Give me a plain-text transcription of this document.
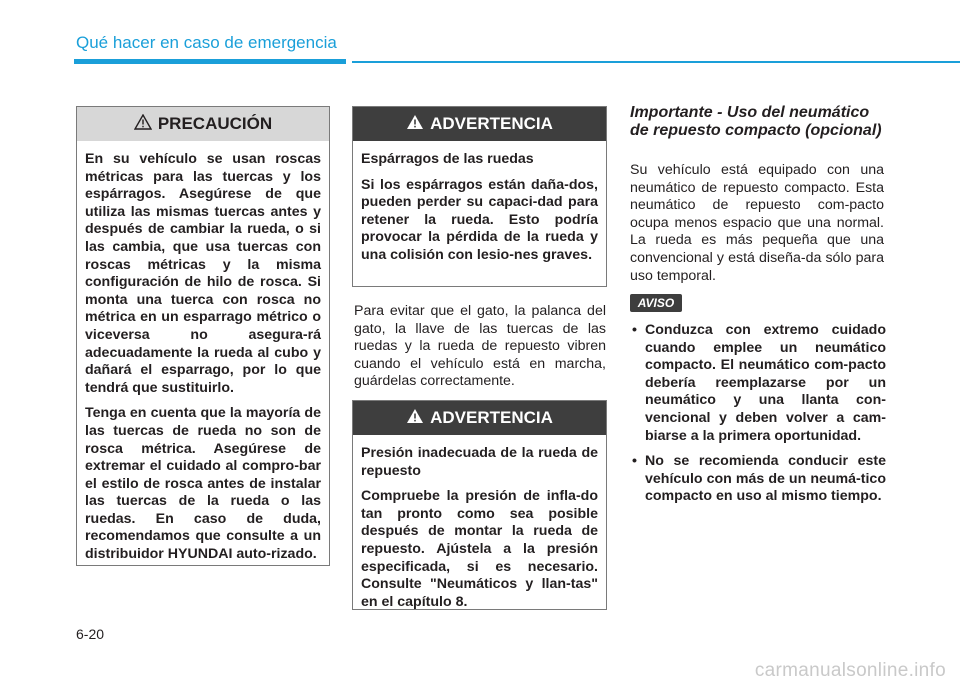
Qué hacer en caso de emergencia
PRECAUCIÓN

En su vehículo se usan roscas métricas para las tuercas y los espárragos. Asegúrese de que utiliza las mismas tuercas antes y después de cambiar la rueda, o si las cambia, que usa tuercas con roscas métricas y la misma configuración de hilo de rosca. Si monta una tuerca con rosca no métrica en un esparrago métrico o viceversa no asegura-rá adecuadamente la rueda al cubo y dañará el esparrago, por lo que tendrá que sustituirlo.

Tenga en cuenta que la mayoría de las tuercas de rueda no son de rosca métrica. Asegúrese de extremar el cuidado al compro-bar el estilo de rosca antes de instalar las tuercas de la rueda o las ruedas. En caso de duda, recomendamos que consulte a un distribuidor HYUNDAI auto-rizado.

ADVERTENCIA

Espárragos de las ruedas

Si los espárragos están daña-dos, pueden perder su capaci-dad para retener la rueda. Esto podría provocar la pérdida de la rueda y una colisión con lesio-nes graves.

Para evitar que el gato, la palanca del gato, la llave de las tuercas de las ruedas y la rueda de repuesto vibren cuando el vehículo está en marcha, guárdelas correctamente.
ADVERTENCIA

Presión inadecuada de la rueda de repuesto

Compruebe la presión de infla-do tan pronto como sea posible después de montar la rueda de repuesto. Ajústela a la presión especificada, si es necesario. Consulte "Neumáticos y llan-tas" en el capítulo 8.

Importante - Uso del neumático de repuesto compacto (opcional)
Su vehículo está equipado con una neumático de repuesto compacto. Esta neumático de repuesto com-pacto ocupa menos espacio que una normal. La rueda es más pequeña que una convencional y está diseña-da sólo para uso temporal.
AVISO
• Conduzca con extremo cuidado cuando emplee un neumático compacto. El neumático com-pacto debería reemplazarse por un neumático y una llanta con-vencional y deben volver a cam-biarse a la primera oportunidad.
• No se recomienda conducir este vehículo con más de un neumá-tico compacto en uso al mismo tiempo.
6-20
carmanualsonline.info
